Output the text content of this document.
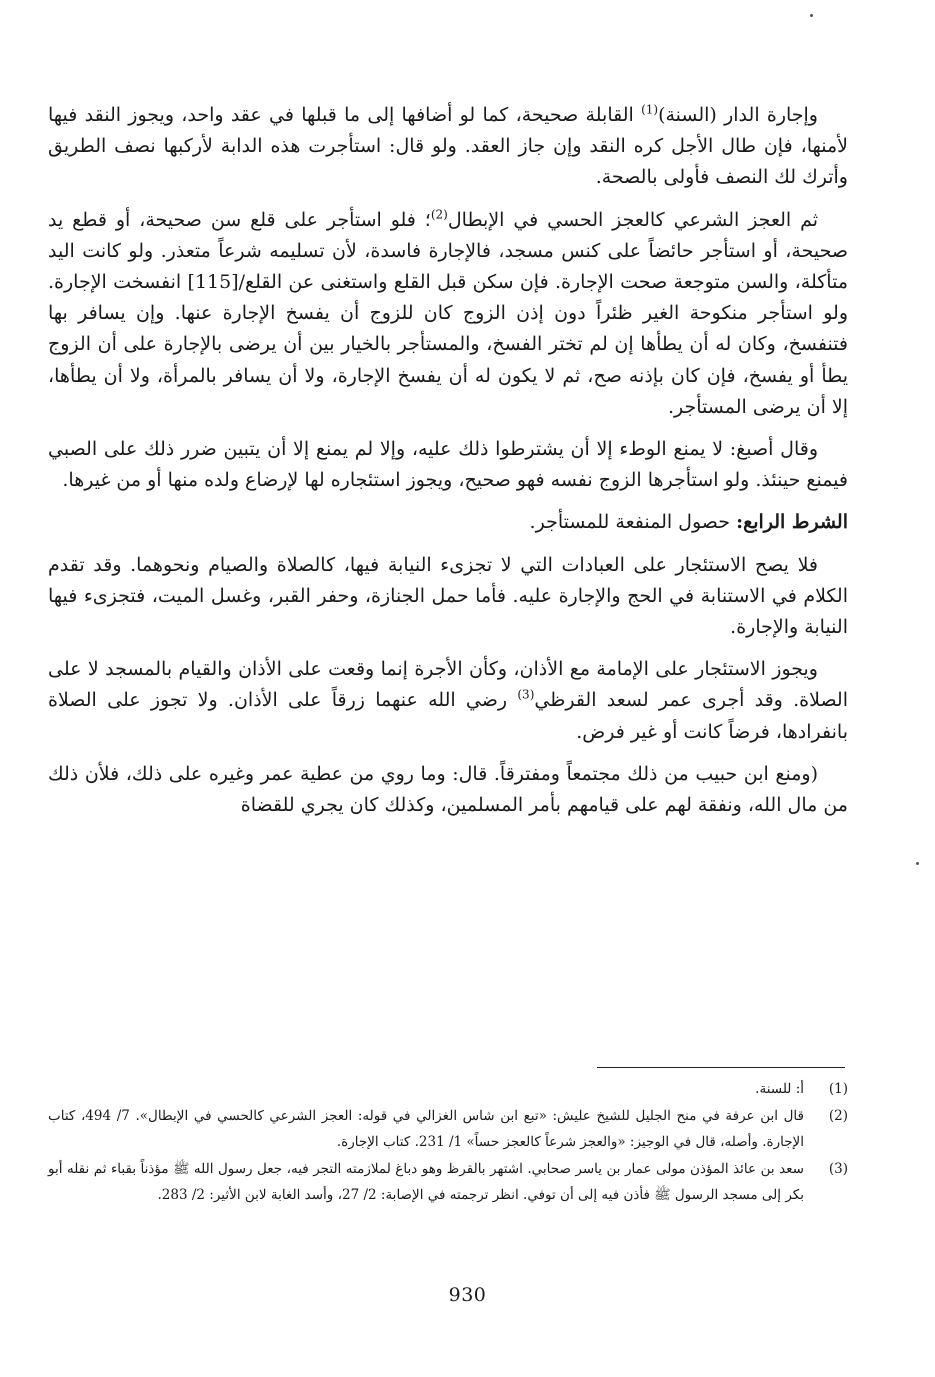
وإجارة الدار (السنة)$^{(1)}$ القابلة صحيحة، كما لو أضافها إلى ما قبلها في عقد واحد، ويجوز النقد فيها لأمنها، فإن طال الأجل كره النقد وإن جاز العقد. ولو قال: استأجرت هذه الدابة لأركبها نصف الطريق وأترك لك النصف فأولى بالصحة.

ثم العجز الشرعي كالعجز الحسي في الإبطال$^{(2)}$؛ فلو استأجر على قلع سن صحيحة، أو قطع يد صحيحة، أو استأجر حائضاً على كنس مسجد، فالإجارة فاسدة، لأن تسليمه شرعاً متعذر. ولو كانت اليد متأكلة، والسن متوجعة صحت الإجارة. فإن سكن قبل القلع واستغنى عن القلع/[115] انفسخت الإجارة. ولو استأجر منكوحة الغير ظئراً دون إذن الزوج كان للزوج أن يفسخ الإجارة عنها. وإن يسافر بها فتنفسخ، وكان له أن يطأها إن لم تختر الفسخ، والمستأجر بالخيار بين أن يرضى بالإجارة على أن الزوج يطأ أو يفسخ، فإن كان بإذنه صح، ثم لا يكون له أن يفسخ الإجارة، ولا أن يسافر بالمرأة، ولا أن يطأها، إلا أن يرضى المستأجر.

وقال أصبغ: لا يمنع الوطء إلا أن يشترطوا ذلك عليه، وإلا لم يمنع إلا أن يتبين ضرر ذلك على الصبي فيمنع حينئذ. ولو استأجرها الزوج نفسه فهو صحيح، ويجوز استئجاره لها لإرضاع ولده منها أو من غيرها.

الشرط الرابع: حصول المنفعة للمستأجر.

فلا يصح الاستئجار على العبادات التي لا تجزىء النيابة فيها، كالصلاة والصيام ونحوهما. وقد تقدم الكلام في الاستنابة في الحج والإجارة عليه. فأما حمل الجنازة، وحفر القبر، وغسل الميت، فتجزىء فيها النيابة والإجارة.

ويجوز الاستئجار على الإمامة مع الأذان، وكأن الأجرة إنما وقعت على الأذان والقيام بالمسجد لا على الصلاة. وقد أجرى عمر لسعد القرظي$^{(3)}$ رضي الله عنهما زرقاً على الأذان. ولا تجوز على الصلاة بانفرادها، فرضاً كانت أو غير فرض.

(ومنع ابن حبيب من ذلك مجتمعاً ومفترقاً. قال: وما روي من عطية عمر وغيره على ذلك، فلأن ذلك من مال الله، ونفقة لهم على قيامهم بأمر المسلمين، وكذلك كان يجري للقضاة

(1)
أ: للسنة.
(2)
قال ابن عرفة في منح الجليل للشيخ عليش: «تبع ابن شاس الغزالي في قوله: العجز الشرعي كالحسي في الإبطال». 7/ 494، كتاب الإجارة. وأصله، قال في الوجيز: «والعجز شرعاً كالعجز حساً» 1/ 231. كتاب الإجارة.
(3)
سعد بن عائذ المؤذن مولى عمار بن ياسر صحابي. اشتهر بالقرظ وهو دباغ لملازمته التجر فيه، جعل رسول الله ﷺ مؤذناً بقباء ثم نقله أبو بكر إلى مسجد الرسول ﷺ فأذن فيه إلى أن توفي. انظر ترجمته في الإصابة: 2/ 27، وأسد الغابة لابن الأثير: 2/ 283.
930
